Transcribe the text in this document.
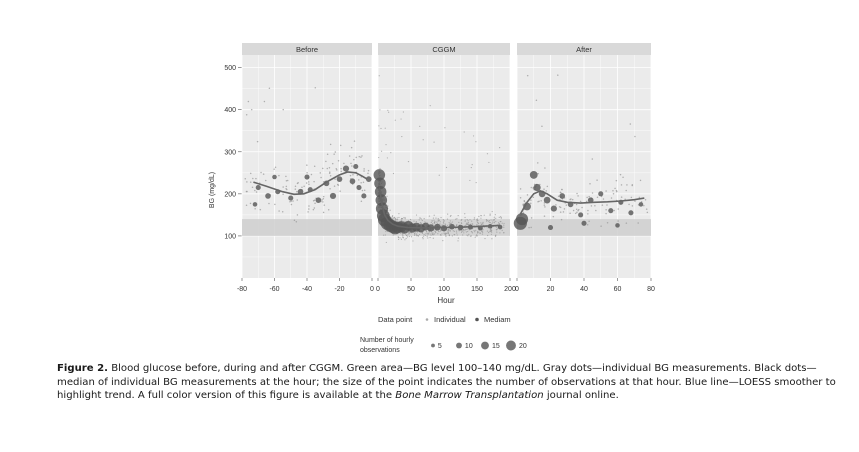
100
200
300
400
500
Before
-80	-60	-40	-20	0
CGGM
0	50	100	150	200
After
0	20	40	60	80
BG (mg/dL)
Hour
Data point	Individual Mediam
Number of hourly
observations
5	10	15	20
Figure 2. Blood glucose before, during and after CGGM. Green area—BG level 100–140 mg/dL. Gray dots—individual BG measurements. Black dots—median of individual BG measurements at the hour; the size of the point indicates the number of observations at that hour. Blue line—LOESS smoother to highlight trend. A full color version of this figure is available at the Bone Marrow Transplantation journal online.
